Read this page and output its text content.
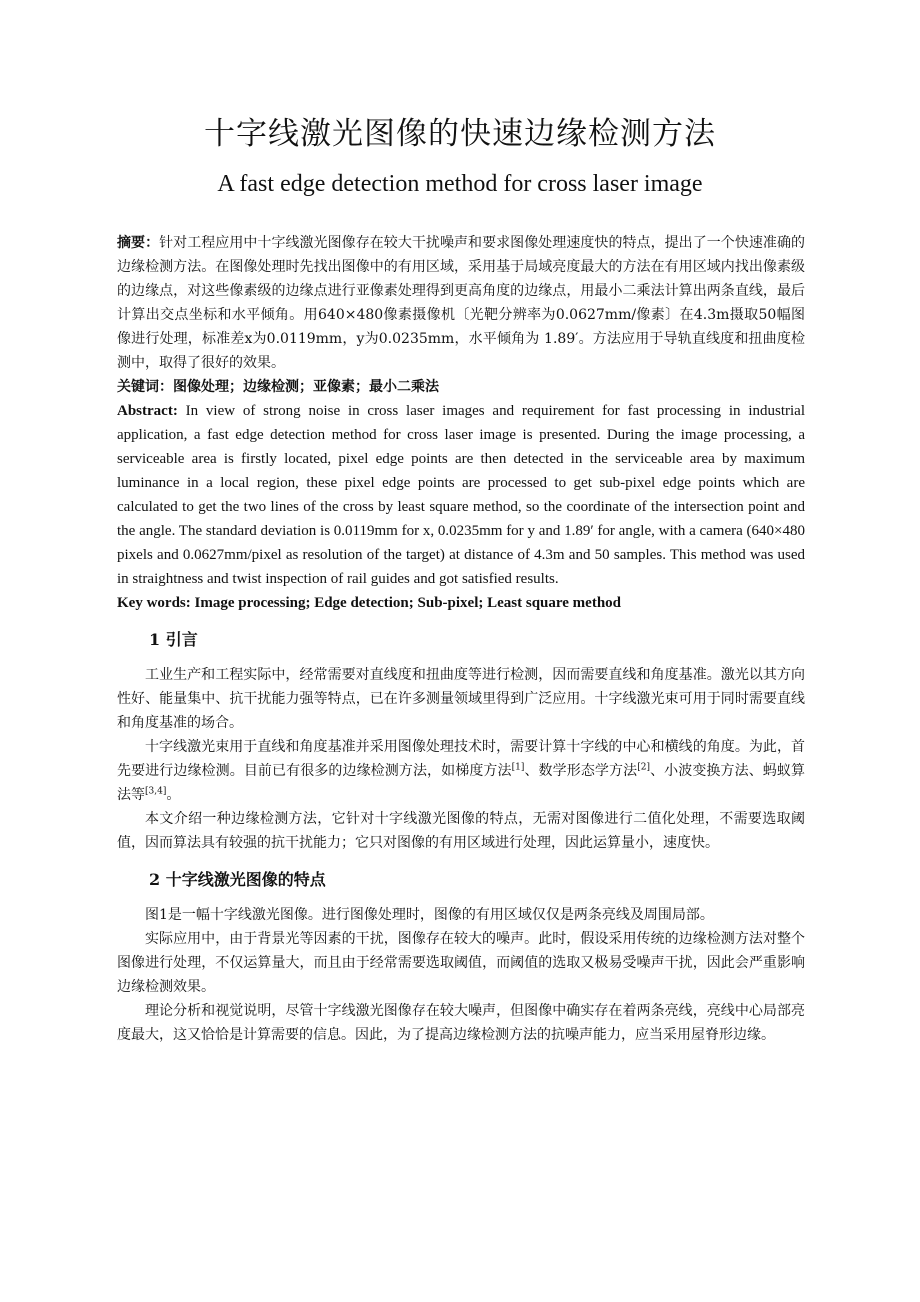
十字线激光图像的快速边缘检测方法
A fast edge detection method for cross laser image

摘要：针对工程应用中十字线激光图像存在较大干扰噪声和要求图像处理速度快的特点，提出了一个快速准确的边缘检测方法。在图像处理时先找出图像中的有用区域，采用基于局域亮度最大的方法在有用区域内找出像素级的边缘点，对这些像素级的边缘点进行亚像素处理得到更高角度的边缘点，用最小二乘法计算出两条直线，最后计算出交点坐标和水平倾角。用640×480像素摄像机〔光靶分辨率为0.0627mm/像素〕在4.3m摄取50幅图像进行处理，标准差x为0.0119mm，y为0.0235mm，水平倾角为 1.89′。方法应用于导轨直线度和扭曲度检测中，取得了很好的效果。

关键词：图像处理；边缘检测；亚像素；最小二乘法

Abstract: In view of strong noise in cross laser images and requirement for fast processing in industrial application, a fast edge detection method for cross laser image is presented. During the image processing, a serviceable area is firstly located, pixel edge points are then detected in the serviceable area by maximum luminance in a local region, these pixel edge points are processed to get sub-pixel edge points which are calculated to get the two lines of the cross by least square method, so the coordinate of the intersection point and the angle. The standard deviation is 0.0119mm for x, 0.0235mm for y and 1.89′ for angle, with a camera (640×480 pixels and 0.0627mm/pixel as resolution of the target) at distance of 4.3m and 50 samples. This method was used in straightness and twist inspection of rail guides and got satisfied results.

Key words: Image processing; Edge detection; Sub-pixel; Least square method

1 引言

工业生产和工程实际中，经常需要对直线度和扭曲度等进行检测，因而需要直线和角度基准。激光以其方向性好、能量集中、抗干扰能力强等特点，已在许多测量领域里得到广泛应用。十字线激光束可用于同时需要直线和角度基准的场合。

十字线激光束用于直线和角度基准并采用图像处理技术时，需要计算十字线的中心和横线的角度。为此，首先要进行边缘检测。目前已有很多的边缘检测方法，如梯度方法[1]、数学形态学方法[2]、小波变换方法、蚂蚁算法等[3,4]。

本文介绍一种边缘检测方法，它针对十字线激光图像的特点，无需对图像进行二值化处理，不需要选取阈值，因而算法具有较强的抗干扰能力；它只对图像的有用区域进行处理，因此运算量小，速度快。

2 十字线激光图像的特点

图1是一幅十字线激光图像。进行图像处理时，图像的有用区域仅仅是两条亮线及周围局部。

实际应用中，由于背景光等因素的干扰，图像存在较大的噪声。此时，假设采用传统的边缘检测方法对整个图像进行处理，不仅运算量大，而且由于经常需要选取阈值，而阈值的选取又极易受噪声干扰，因此会严重影响边缘检测效果。

理论分析和视觉说明，尽管十字线激光图像存在较大噪声，但图像中确实存在着两条亮线，亮线中心局部亮度最大，这又恰恰是计算需要的信息。因此，为了提高边缘检测方法的抗噪声能力，应当采用屋脊形边缘。
